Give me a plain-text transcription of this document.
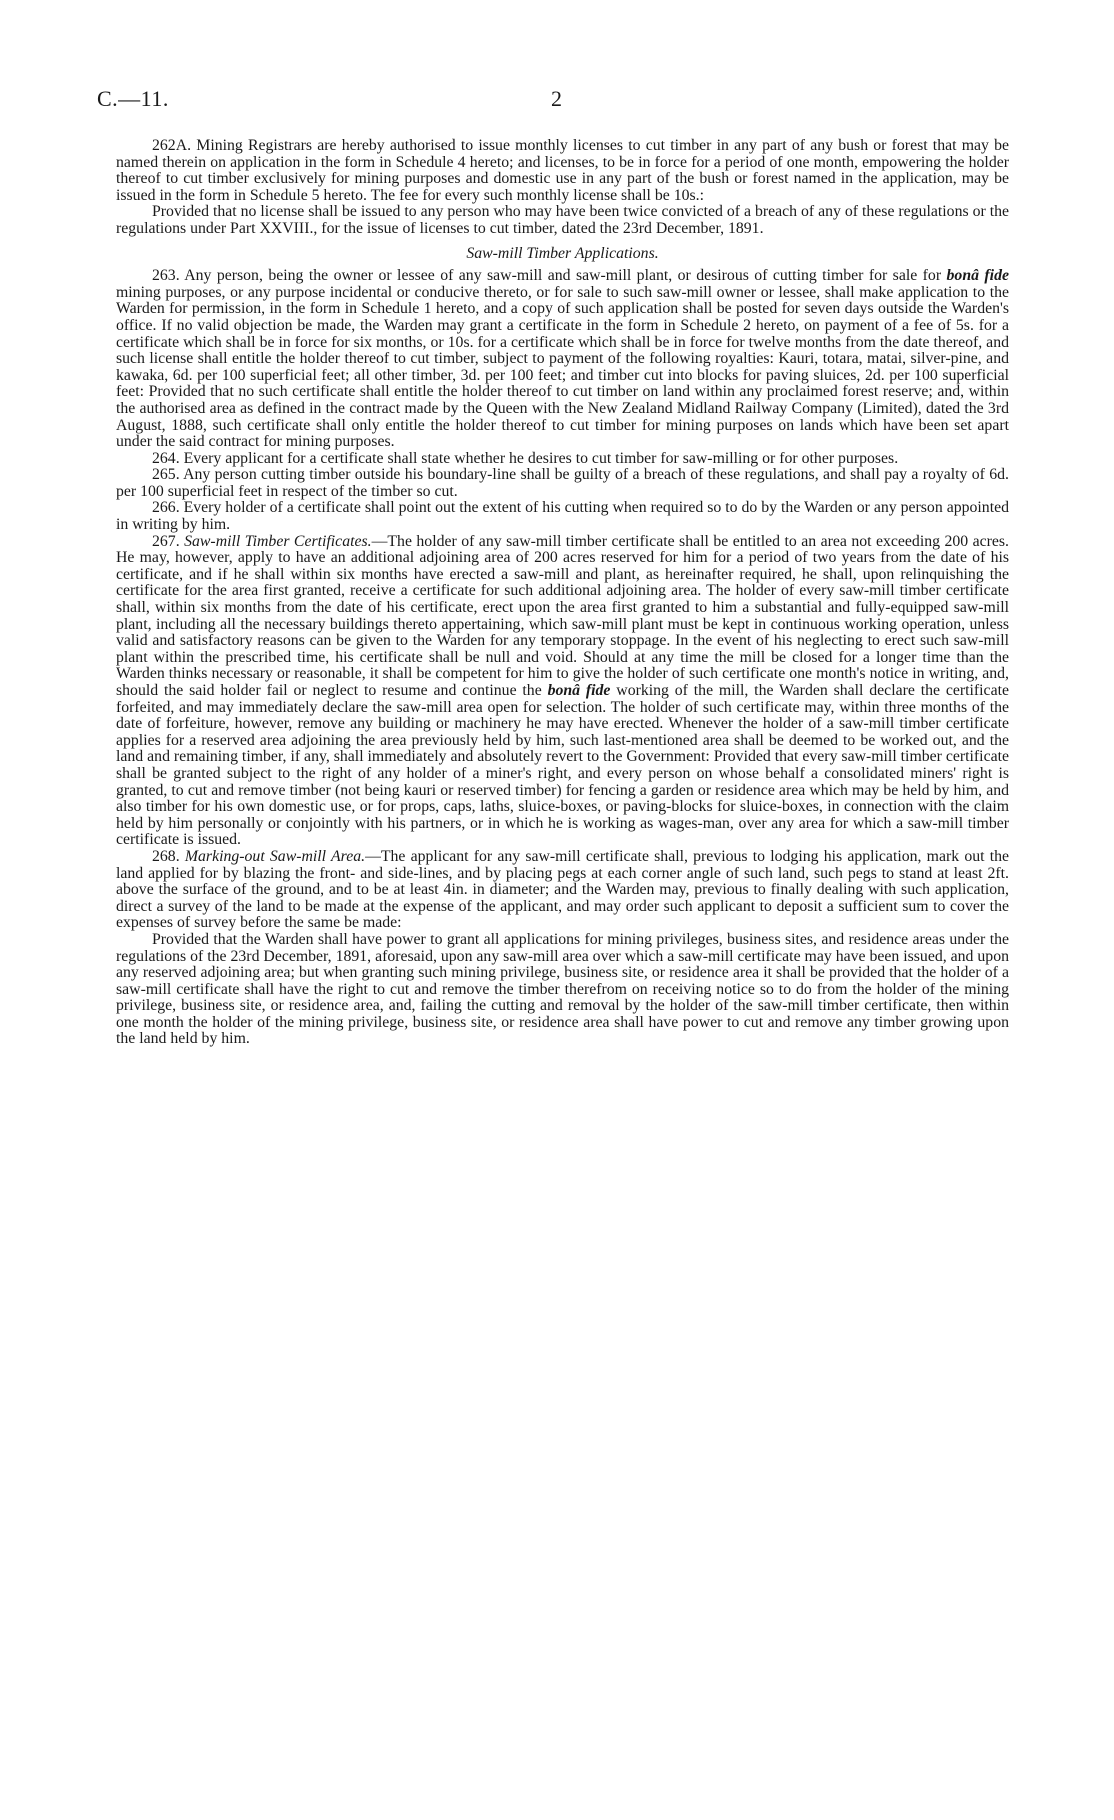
C.—11.	2

262A. Mining Registrars are hereby authorised to issue monthly licenses to cut timber in any part of any bush or forest that may be named therein on application in the form in Schedule 4 hereto; and licenses, to be in force for a period of one month, empowering the holder thereof to cut timber exclusively for mining purposes and domestic use in any part of the bush or forest named in the application, may be issued in the form in Schedule 5 hereto. The fee for every such monthly license shall be 10s.:

Provided that no license shall be issued to any person who may have been twice convicted of a breach of any of these regulations or the regulations under Part XXVIII., for the issue of licenses to cut timber, dated the 23rd December, 1891.

Saw-mill Timber Applications.

263. Any person, being the owner or lessee of any saw-mill and saw-mill plant, or desirous of cutting timber for sale for bonâ fide mining purposes, or any purpose incidental or conducive thereto, or for sale to such saw-mill owner or lessee, shall make application to the Warden for permission, in the form in Schedule 1 hereto, and a copy of such application shall be posted for seven days outside the Warden's office. If no valid objection be made, the Warden may grant a certificate in the form in Schedule 2 hereto, on payment of a fee of 5s. for a certificate which shall be in force for six months, or 10s. for a certificate which shall be in force for twelve months from the date thereof, and such license shall entitle the holder thereof to cut timber, subject to payment of the following royalties: Kauri, totara, matai, silver-pine, and kawaka, 6d. per 100 superficial feet; all other timber, 3d. per 100 feet; and timber cut into blocks for paving sluices, 2d. per 100 superficial feet: Provided that no such certificate shall entitle the holder thereof to cut timber on land within any proclaimed forest reserve; and, within the authorised area as defined in the contract made by the Queen with the New Zealand Midland Railway Company (Limited), dated the 3rd August, 1888, such certificate shall only entitle the holder thereof to cut timber for mining purposes on lands which have been set apart under the said contract for mining purposes.

264. Every applicant for a certificate shall state whether he desires to cut timber for saw-milling or for other purposes.

265. Any person cutting timber outside his boundary-line shall be guilty of a breach of these regulations, and shall pay a royalty of 6d. per 100 superficial feet in respect of the timber so cut.

266. Every holder of a certificate shall point out the extent of his cutting when required so to do by the Warden or any person appointed in writing by him.

267. Saw-mill Timber Certificates.—The holder of any saw-mill timber certificate shall be entitled to an area not exceeding 200 acres. He may, however, apply to have an additional adjoining area of 200 acres reserved for him for a period of two years from the date of his certificate, and if he shall within six months have erected a saw-mill and plant, as hereinafter required, he shall, upon relinquishing the certificate for the area first granted, receive a certificate for such additional adjoining area. The holder of every saw-mill timber certificate shall, within six months from the date of his certificate, erect upon the area first granted to him a substantial and fully-equipped saw-mill plant, including all the necessary buildings thereto appertaining, which saw-mill plant must be kept in continuous working operation, unless valid and satisfactory reasons can be given to the Warden for any temporary stoppage. In the event of his neglecting to erect such saw-mill plant within the prescribed time, his certificate shall be null and void. Should at any time the mill be closed for a longer time than the Warden thinks necessary or reasonable, it shall be competent for him to give the holder of such certificate one month's notice in writing, and, should the said holder fail or neglect to resume and continue the bonâ fide working of the mill, the Warden shall declare the certificate forfeited, and may immediately declare the saw-mill area open for selection. The holder of such certificate may, within three months of the date of forfeiture, however, remove any building or machinery he may have erected. Whenever the holder of a saw-mill timber certificate applies for a reserved area adjoining the area previously held by him, such last-mentioned area shall be deemed to be worked out, and the land and remaining timber, if any, shall immediately and absolutely revert to the Government: Provided that every saw-mill timber certificate shall be granted subject to the right of any holder of a miner's right, and every person on whose behalf a consolidated miners' right is granted, to cut and remove timber (not being kauri or reserved timber) for fencing a garden or residence area which may be held by him, and also timber for his own domestic use, or for props, caps, laths, sluice-boxes, or paving-blocks for sluice-boxes, in connection with the claim held by him personally or conjointly with his partners, or in which he is working as wages-man, over any area for which a saw-mill timber certificate is issued.

268. Marking-out Saw-mill Area.—The applicant for any saw-mill certificate shall, previous to lodging his application, mark out the land applied for by blazing the front- and side-lines, and by placing pegs at each corner angle of such land, such pegs to stand at least 2ft. above the surface of the ground, and to be at least 4in. in diameter; and the Warden may, previous to finally dealing with such application, direct a survey of the land to be made at the expense of the applicant, and may order such applicant to deposit a sufficient sum to cover the expenses of survey before the same be made:

Provided that the Warden shall have power to grant all applications for mining privileges, business sites, and residence areas under the regulations of the 23rd December, 1891, aforesaid, upon any saw-mill area over which a saw-mill certificate may have been issued, and upon any reserved adjoining area; but when granting such mining privilege, business site, or residence area it shall be provided that the holder of a saw-mill certificate shall have the right to cut and remove the timber therefrom on receiving notice so to do from the holder of the mining privilege, business site, or residence area, and, failing the cutting and removal by the holder of the saw-mill timber certificate, then within one month the holder of the mining privilege, business site, or residence area shall have power to cut and remove any timber growing upon the land held by him.
